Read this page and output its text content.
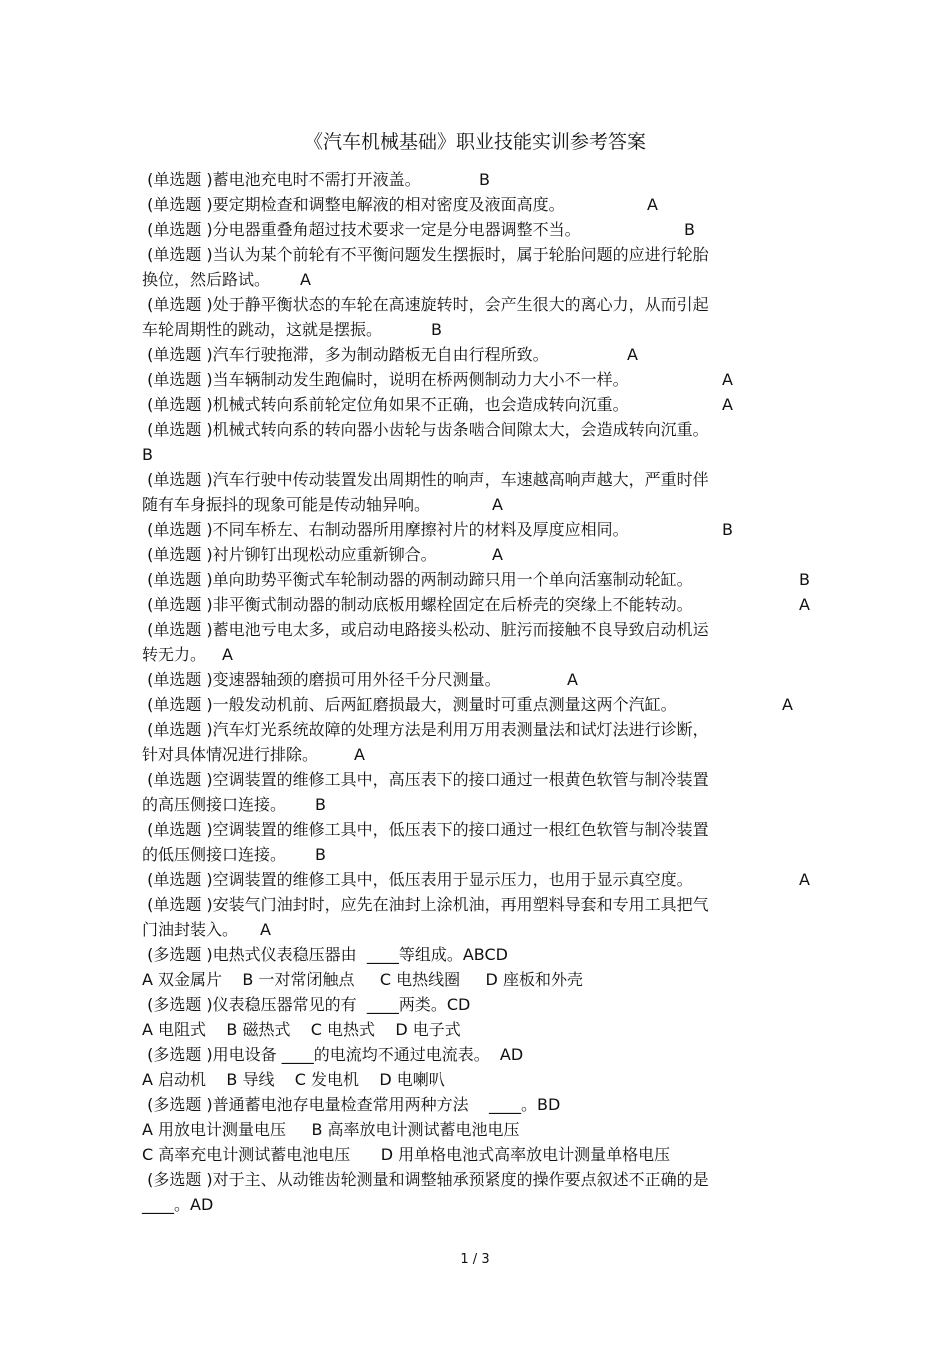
《汽车机械基础》职业技能实训参考答案
(单选题 )蓄电池充电时不需打开液盖。	B
(单选题 )要定期检查和调整电解液的相对密度及液面高度。	A
(单选题 )分电器重叠角超过技术要求一定是分电器调整不当。	B
(单选题 )当认为某个前轮有不平衡问题发生摆振时，属于轮胎问题的应进行轮胎
换位，然后路试。 A
(单选题 )处于静平衡状态的车轮在高速旋转时，会产生很大的离心力，从而引起
车轮周期性的跳动，这就是摆振。	B
(单选题 )汽车行驶拖滞，多为制动踏板无自由行程所致。	A
(单选题 )当车辆制动发生跑偏时，说明在桥两侧制动力大小不一样。	A
(单选题 )机械式转向系前轮定位角如果不正确，也会造成转向沉重。	A
(单选题 )机械式转向系的转向器小齿轮与齿条啮合间隙太大，会造成转向沉重。
B
(单选题 )汽车行驶中传动装置发出周期性的响声，车速越高响声越大，严重时伴
随有车身振抖的现象可能是传动轴异响。	A
(单选题 )不同车桥左、右制动器所用摩擦衬片的材料及厚度应相同。	B
(单选题 )衬片铆钉出现松动应重新铆合。	A
(单选题 )单向助势平衡式车轮制动器的两制动蹄只用一个单向活塞制动轮缸。	B
(单选题 )非平衡式制动器的制动底板用螺栓固定在后桥壳的突缘上不能转动。	A
(单选题 )蓄电池亏电太多，或启动电路接头松动、脏污而接触不良导致启动机运
转无力。 A
(单选题 )变速器轴颈的磨损可用外径千分尺测量。	A
(单选题 )一般发动机前、后两缸磨损最大，测量时可重点测量这两个汽缸。	A
(单选题 )汽车灯光系统故障的处理方法是利用万用表测量法和试灯法进行诊断，
针对具体情况进行排除。 A
(单选题 )空调装置的维修工具中，高压表下的接口通过一根黄色软管与制冷装置
的高压侧接口连接。 B
(单选题 )空调装置的维修工具中，低压表下的接口通过一根红色软管与制冷装置
的低压侧接口连接。 B
(单选题 )空调装置的维修工具中，低压表用于显示压力，也用于显示真空度。	A
(单选题 )安装气门油封时，应先在油封上涂机油，再用塑料导套和专用工具把气
门油封装入。 A
(多选题 )电热式仪表稳压器由  ____等组成。ABCD
A 双金属片    B 一对常闭触点     C 电热线圈     D 座板和外壳
(多选题 )仪表稳压器常见的有  ____两类。CD
A 电阻式    B 磁热式    C 电热式    D 电子式
(多选题 )用电设备 ____的电流均不通过电流表。  AD
A 启动机    B 导线    C 发电机    D 电喇叭
(多选题 )普通蓄电池存电量检查常用两种方法    ____。BD
A 用放电计测量电压     B 高率放电计测试蓄电池电压
C 高率充电计测试蓄电池电压      D 用单格电池式高率放电计测量单格电压
(多选题 )对于主、从动锥齿轮测量和调整轴承预紧度的操作要点叙述不正确的是
____。AD
1 / 3
